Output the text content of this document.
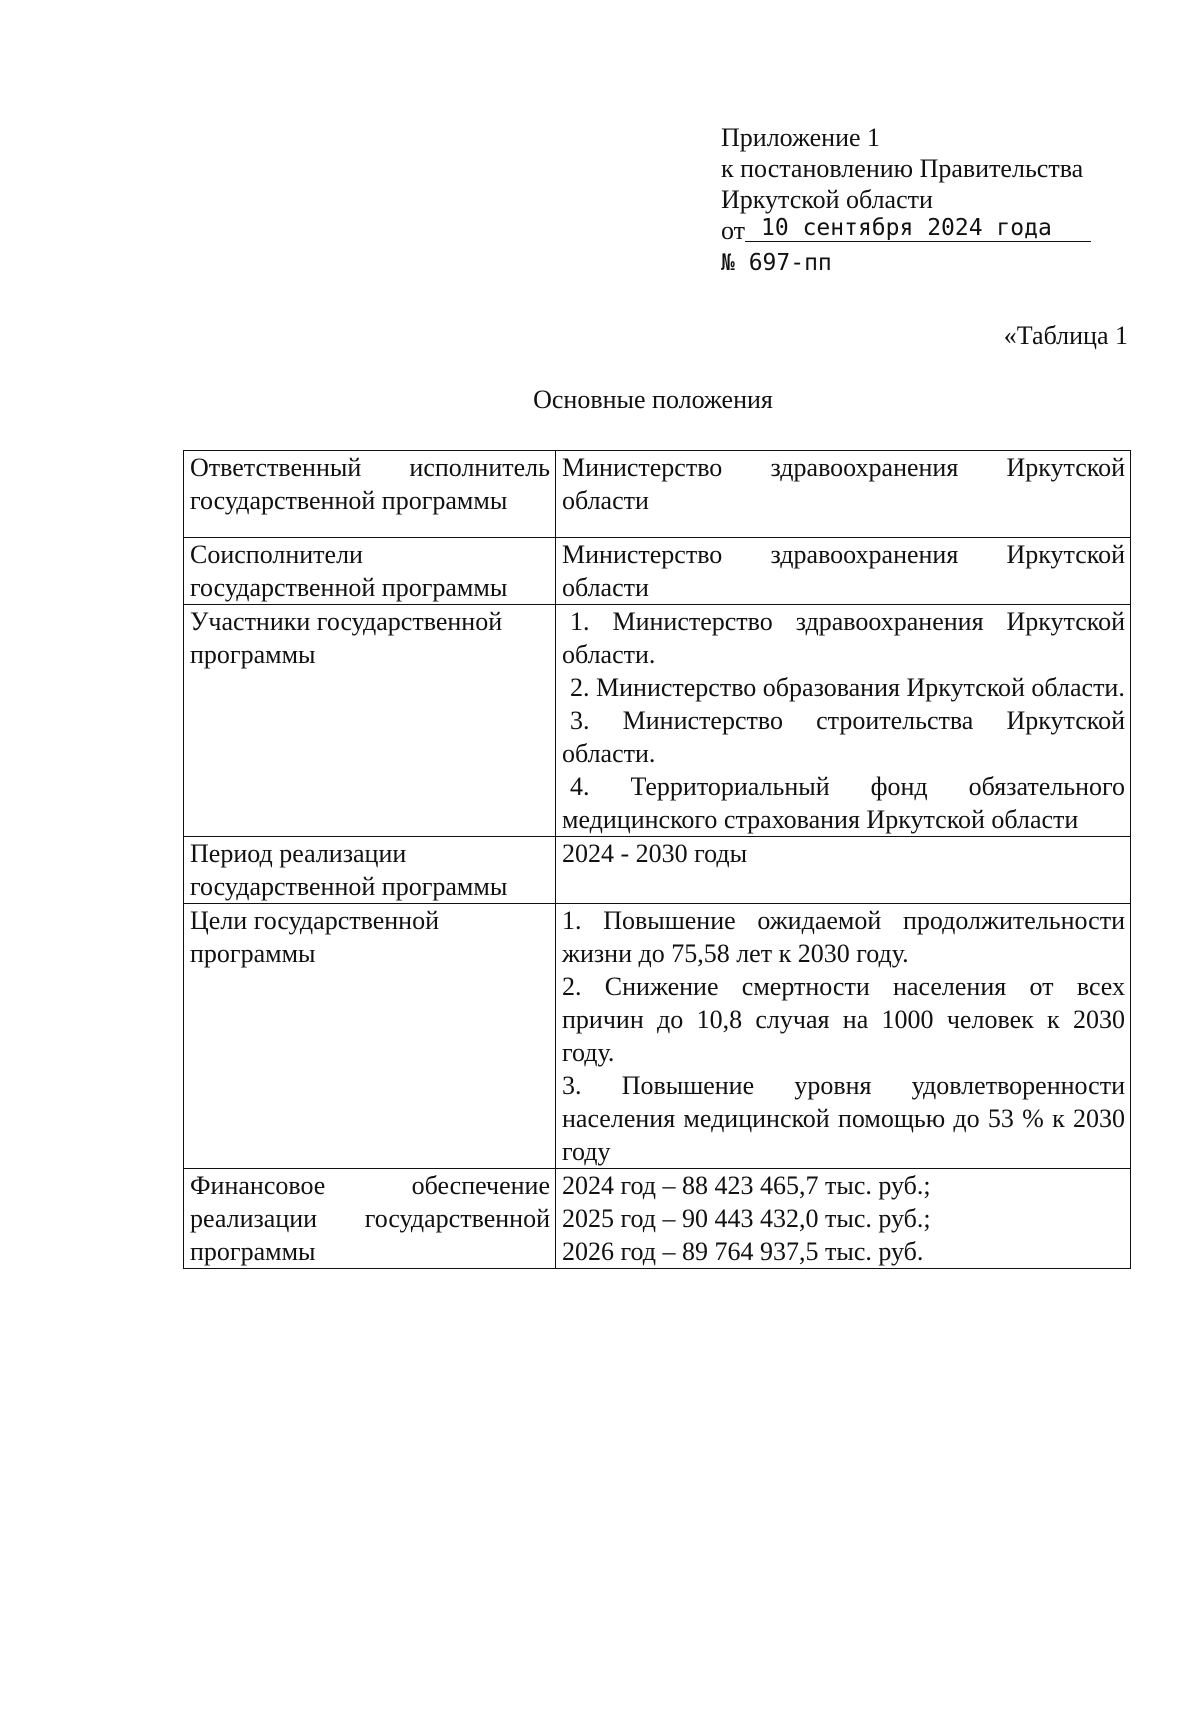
Приложение 1
к постановлению Правительства
Иркутской области
от 10 сентября 2024 года
№ 697-пп
«Таблица 1
Основные положения
Ответственный исполнитель государственной программы	Министерство здравоохранения Иркутской области

Соисполнители государственной программы	Министерство здравоохранения Иркутской области

Участники государственной программы	1. Министерство здравоохранения Иркутской области.
2. Министерство образования Иркутской области.
3. Министерство строительства Иркутской области.
4. Территориальный фонд обязательного медицинского страхования Иркутской области

Период реализации государственной программы	2024 - 2030 годы

Цели государственной программы	1. Повышение ожидаемой продолжительности жизни до 75,58 лет к 2030 году.
2. Снижение смертности населения от всех причин до 10,8 случая на 1000 человек к 2030 году.
3. Повышение уровня удовлетворенности населения медицинской помощью до 53 % к 2030 году

Финансовое обеспечение реализации государственной программы	2024 год – 88 423 465,7 тыс. руб.;
2025 год – 90 443 432,0 тыс. руб.;
2026 год – 89 764 937,5 тыс. руб.
